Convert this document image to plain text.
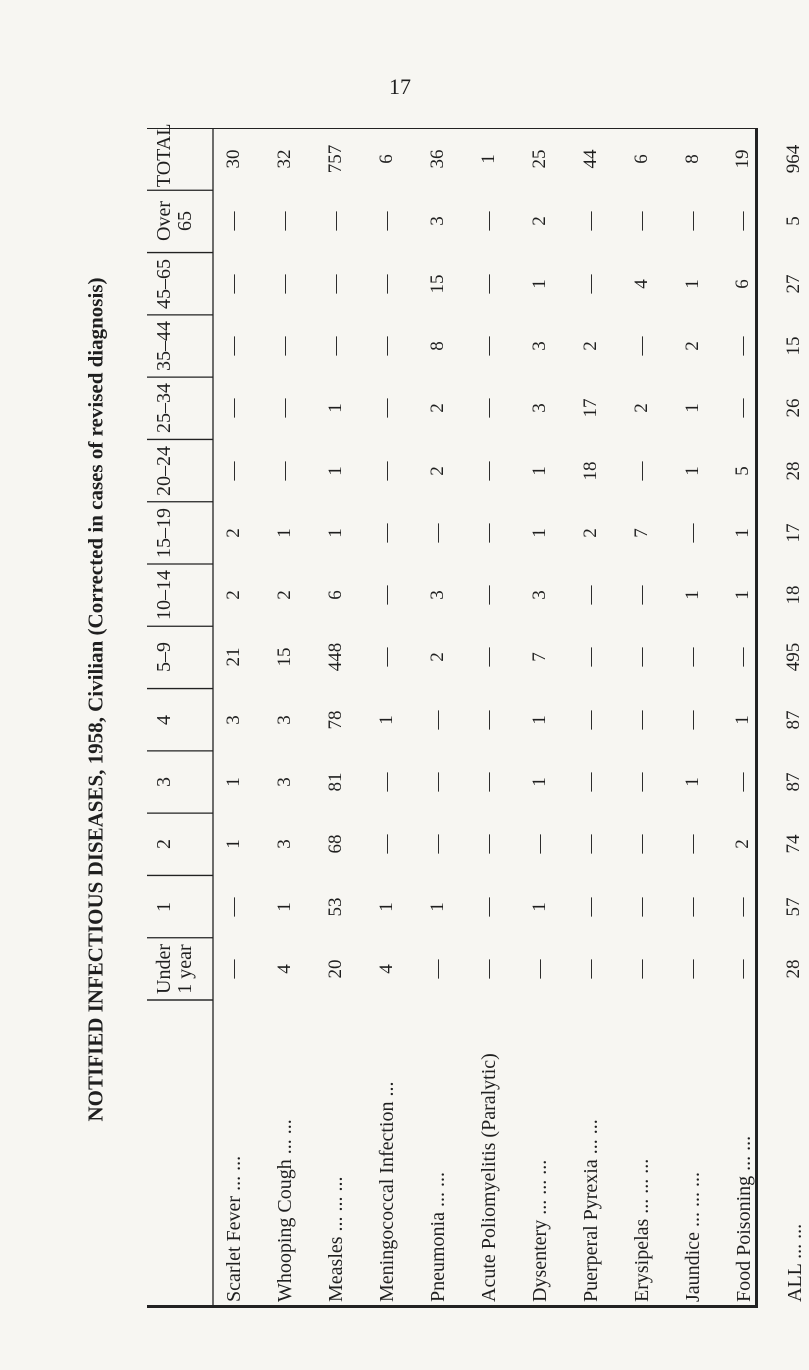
17
NOTIFIED INFECTIOUS DISEASES, 1958, Civilian (Corrected in cases of revised diagnosis)
TOTAL
Over 65
45–65
35–44
25–34
20–24
15–19
10–14
5–9
4
3
2
1
Under 1 year
Scarlet Fever ... ...
30
—
—
—
—
—
2
2
21
3
1
1
—
—
Whooping Cough ... ...
32
—
—
—
—
—
1
2
15
3
3
3
1
4
Measles ... ... ...
757
—
—
—
1
1
1
6
448
78
81
68
53
20
Meningococcal Infection ...
6
—
—
—
—
—
—
—
—
1
—
—
1
4
Pneumonia ... ...
36
3
15
8
2
2
—
3
2
—
—
—
1
—
Acute Poliomyelitis (Paralytic)
1
—
—
—
—
—
—
—
—
—
—
—
—
—
Dysentery ... ... ...
25
2
1
3
3
1
1
3
7
1
1
—
1
—
Puerperal Pyrexia ... ...
44
—
—
2
17
18
2
—
—
—
—
—
—
—
Erysipelas ... ... ...
6
—
4
—
2
—
7
—
—
—
—
—
—
—
Jaundice ... ... ...
8
—
1
2
1
1
—
1
—
—
1
—
—
—
Food Poisoning ... ...
19
—
6
—
—
5
1
1
—
1
—
2
—
—
ALL ... ...
964
5
27
15
26
28
17
18
495
87
87
74
57
28
